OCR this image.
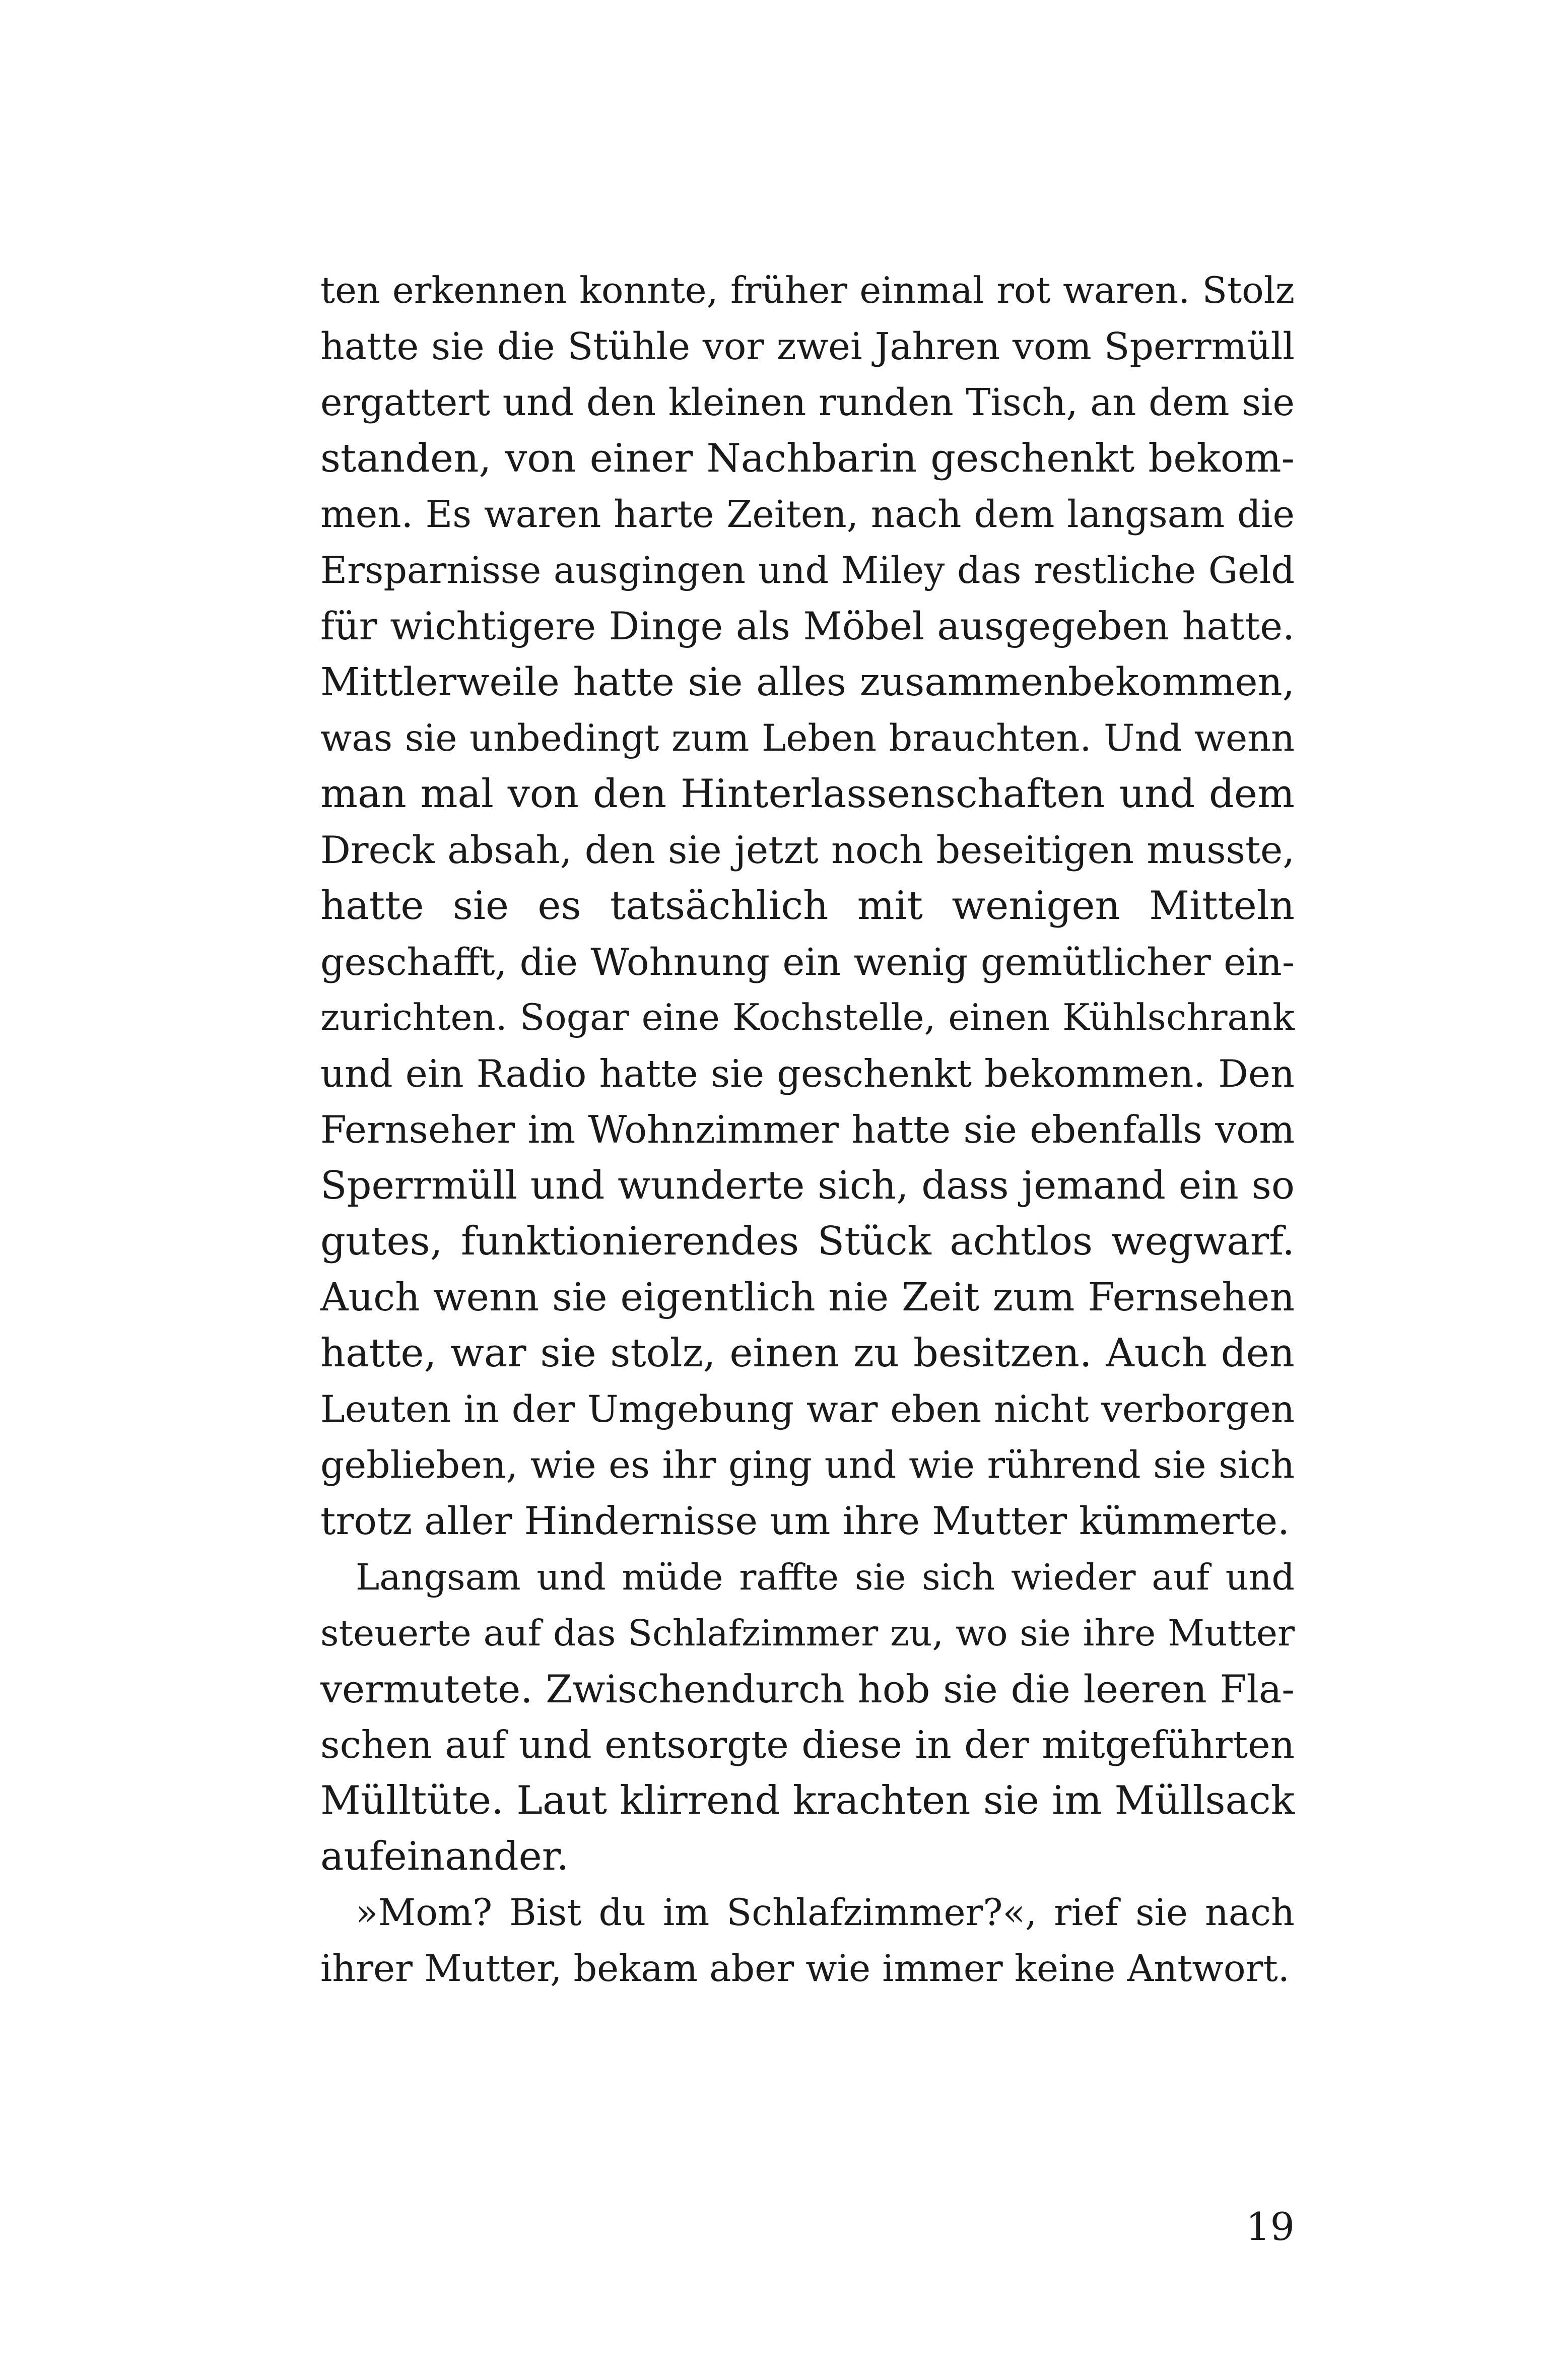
ten erkennen konnte, früher einmal rot waren. Stolz
hatte sie die Stühle vor zwei Jahren vom Sperrmüll
ergattert und den kleinen runden Tisch, an dem sie
standen, von einer Nachbarin geschenkt bekom-
men. Es waren harte Zeiten, nach dem langsam die
Ersparnisse ausgingen und Miley das restliche Geld
für wichtigere Dinge als Möbel ausgegeben hatte.
Mittlerweile hatte sie alles zusammenbekommen,
was sie unbedingt zum Leben brauchten. Und wenn
man mal von den Hinterlassenschaften und dem
Dreck absah, den sie jetzt noch beseitigen musste,
hatte sie es tatsächlich mit wenigen Mitteln
geschafft, die Wohnung ein wenig gemütlicher ein-
zurichten. Sogar eine Kochstelle, einen Kühlschrank
und ein Radio hatte sie geschenkt bekommen. Den
Fernseher im Wohnzimmer hatte sie ebenfalls vom
Sperrmüll und wunderte sich, dass jemand ein so
gutes, funktionierendes Stück achtlos wegwarf.
Auch wenn sie eigentlich nie Zeit zum Fernsehen
hatte, war sie stolz, einen zu besitzen. Auch den
Leuten in der Umgebung war eben nicht verborgen
geblieben, wie es ihr ging und wie rührend sie sich
trotz aller Hindernisse um ihre Mutter kümmerte.
Langsam und müde raffte sie sich wieder auf und
steuerte auf das Schlafzimmer zu, wo sie ihre Mutter
vermutete. Zwischendurch hob sie die leeren Fla-
schen auf und entsorgte diese in der mitgeführten
Mülltüte. Laut klirrend krachten sie im Müllsack
aufeinander.
»Mom? Bist du im Schlafzimmer?«, rief sie nach
ihrer Mutter, bekam aber wie immer keine Antwort.
19
